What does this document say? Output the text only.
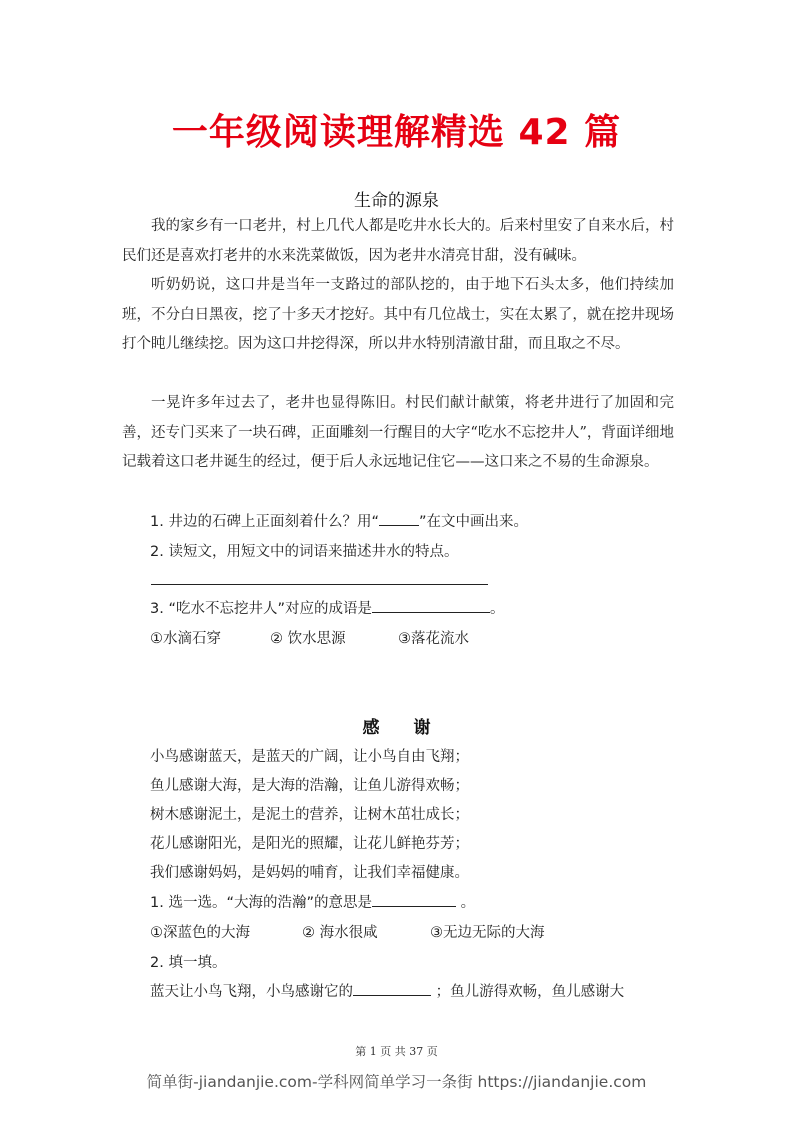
一年级阅读理解精选 42 篇
生命的源泉

我的家乡有一口老井，村上几代人都是吃井水长大的。后来村里安了自来水后，村民们还是喜欢打老井的水来洗菜做饭，因为老井水清亮甘甜，没有碱味。

听奶奶说，这口井是当年一支路过的部队挖的，由于地下石头太多，他们持续加班，不分白日黑夜，挖了十多天才挖好。其中有几位战士，实在太累了，就在挖井现场打个盹儿继续挖。因为这口井挖得深，所以井水特别清澈甘甜，而且取之不尽。

一晃许多年过去了，老井也显得陈旧。村民们献计献策，将老井进行了加固和完善，还专门买来了一块石碑，正面雕刻一行醒目的大字“吃水不忘挖井人”，背面详细地记载着这口老井诞生的经过，便于后人永远地记住它——这口来之不易的生命源泉。

1. 井边的石碑上正面刻着什么？用“	”在文中画出来。
2. 读短文，用短文中的词语来描述井水的特点。
3. “吃水不忘挖井人”对应的成语是	。
①水滴石穿	② 饮水思源	③落花流水
感　　谢
小鸟感谢蓝天，是蓝天的广阔，让小鸟自由飞翔；
鱼儿感谢大海，是大海的浩瀚，让鱼儿游得欢畅；
树木感谢泥土，是泥土的营养，让树木茁壮成长；
花儿感谢阳光，是阳光的照耀，让花儿鲜艳芬芳；
我们感谢妈妈，是妈妈的哺育，让我们幸福健康。
1. 选一选。“大海的浩瀚”的意思是	。
①深蓝色的大海	② 海水很咸	③无边无际的大海
2. 填一填。
蓝天让小鸟飞翔，小鸟感谢它的	；鱼儿游得欢畅，鱼儿感谢大
第 1 页 共 37 页
简单街-jiandanjie.com-学科网简单学习一条街 https://jiandanjie.com
